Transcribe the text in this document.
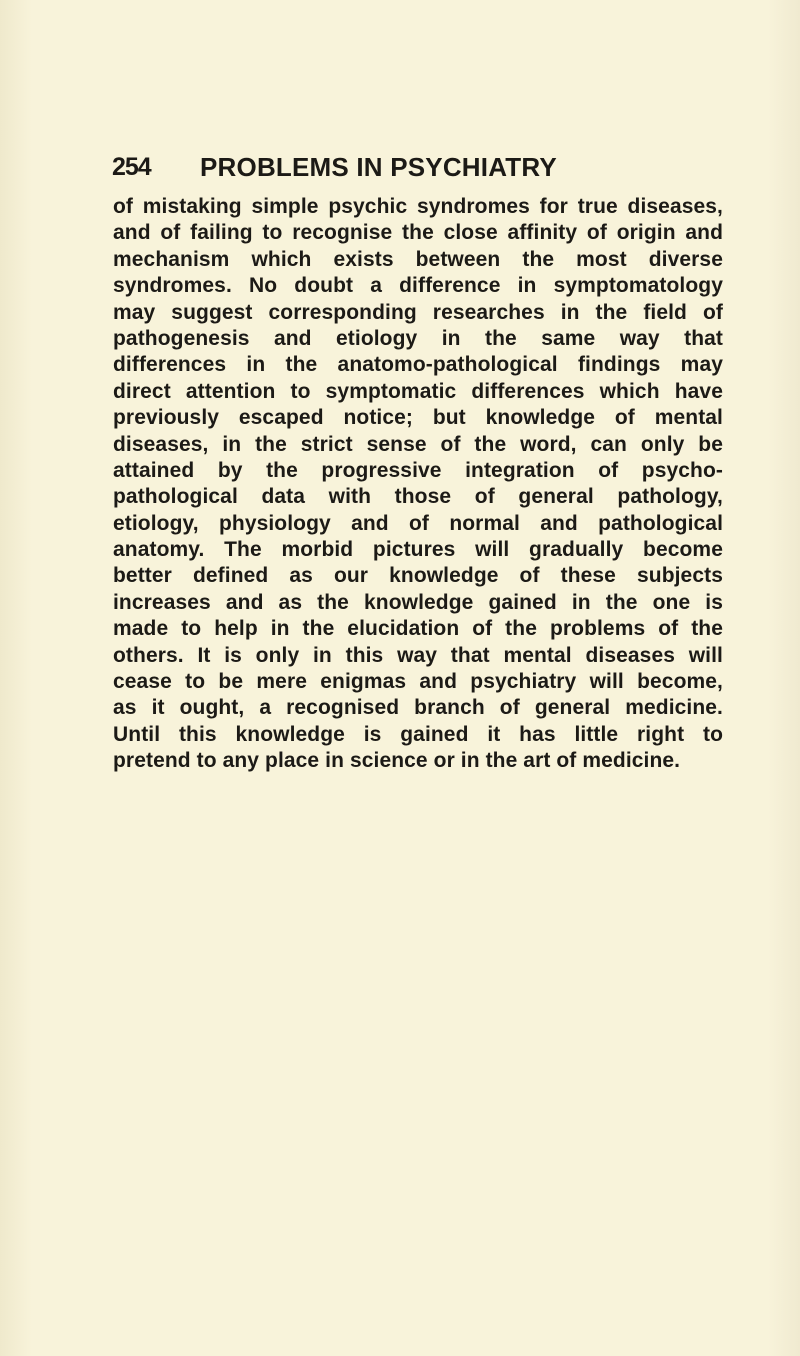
254 PROBLEMS IN PSYCHIATRY
of mistaking simple psychic syndromes for true diseases,
and of failing to recognise the close affinity of origin and
mechanism which exists between the most diverse
syndromes. No doubt a difference in symptomatology
may suggest corresponding researches in the field of
pathogenesis and etiology in the same way that
differences in the anatomo-pathological findings may
direct attention to symptomatic differences which have
previously escaped notice; but knowledge of mental
diseases, in the strict sense of the word, can only be
attained by the progressive integration of psycho-
pathological data with those of general pathology,
etiology, physiology and of normal and pathological
anatomy. The morbid pictures will gradually become
better defined as our knowledge of these subjects
increases and as the knowledge gained in the one is
made to help in the elucidation of the problems of the
others. It is only in this way that mental diseases will
cease to be mere enigmas and psychiatry will become,
as it ought, a recognised branch of general medicine.
Until this knowledge is gained it has little right to
pretend to any place in science or in the art of medicine.
